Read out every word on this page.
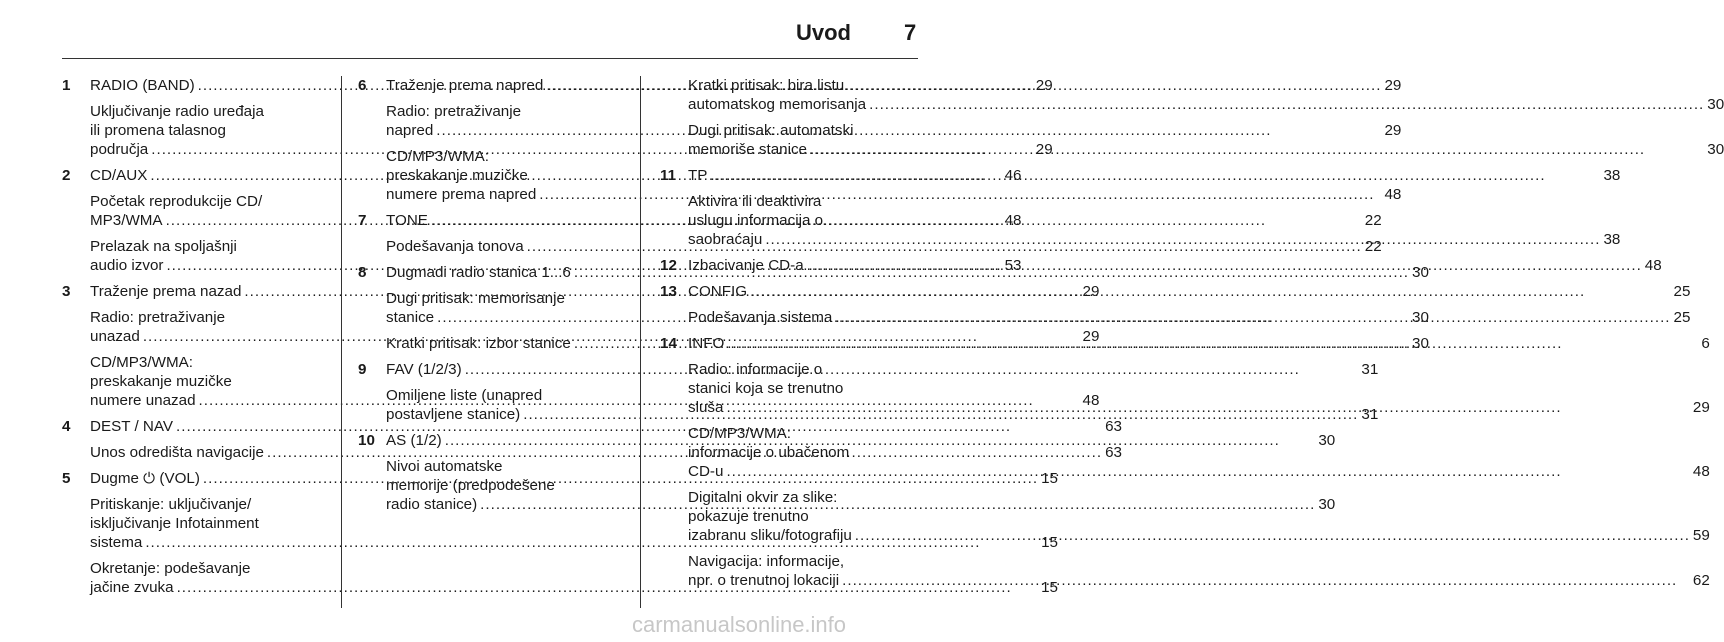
Uvod 7
1	RADIO (BAND) .....	29
Uključivanje radio uređaja
ili promena talasnog
područja .....	29
2	CD/AUX .....	46
Početak reprodukcije CD/
MP3/WMA .....	48
Prelazak na spoljašnji
audio izvor .....	53
3	Traženje prema nazad .....	29
Radio: pretraživanje
unazad .....	29
CD/MP3/WMA:
preskakanje muzičke
numere unazad .....	48
4	DEST / NAV .....	63
Unos odredišta navigacije .....	63
5	Dugme ⏻ (VOL) .....	15
Pritiskanje: uključivanje/
isključivanje Infotainment
sistema .....	15
Okretanje: podešavanje
jačine zvuka .....	15
6	Traženje prema napred .....	29
Radio: pretraživanje
napred .....	29
CD/MP3/WMA:
preskakanje muzičke
numere prema napred .....	48
7	TONE .....	22
Podešavanja tonova .....	22
8	Dugmadi radio stanica 1...6 .....	30
Dugi pritisak: memorisanje
stanice .....	30
Kratki pritisak: izbor stanice .....	30
9	FAV (1/2/3) .....	31
Omiljene liste (unapred
postavljene stanice) .....	31
10 AS (1/2) .....	30
Nivoi automatske
memorije (predpodešene
radio stanice) .....	30
Kratki pritisak: bira listu
automatskog memorisanja .....	30
Dugi pritisak: automatski
memoriše stanice .....	30
11 TP .....	38
Aktivira ili deaktivira
uslugu informacija o
saobraćaju .....	38
12 Izbacivanje CD-a .....	48
13 CONFIG .....	25
Podešavanja sistema .....	25
14 INFO .....	6
Radio: informacije o
stanici koja se trenutno
sluša .....	29
CD/MP3/WMA:
informacije o ubačenom
CD-u .....	48
Digitalni okvir za slike:
pokazuje trenutno
izabranu sliku/fotografiju .....	59
Navigacija: informacije,
npr. o trenutnoj lokaciji .....	62
carmanualsonline.info
